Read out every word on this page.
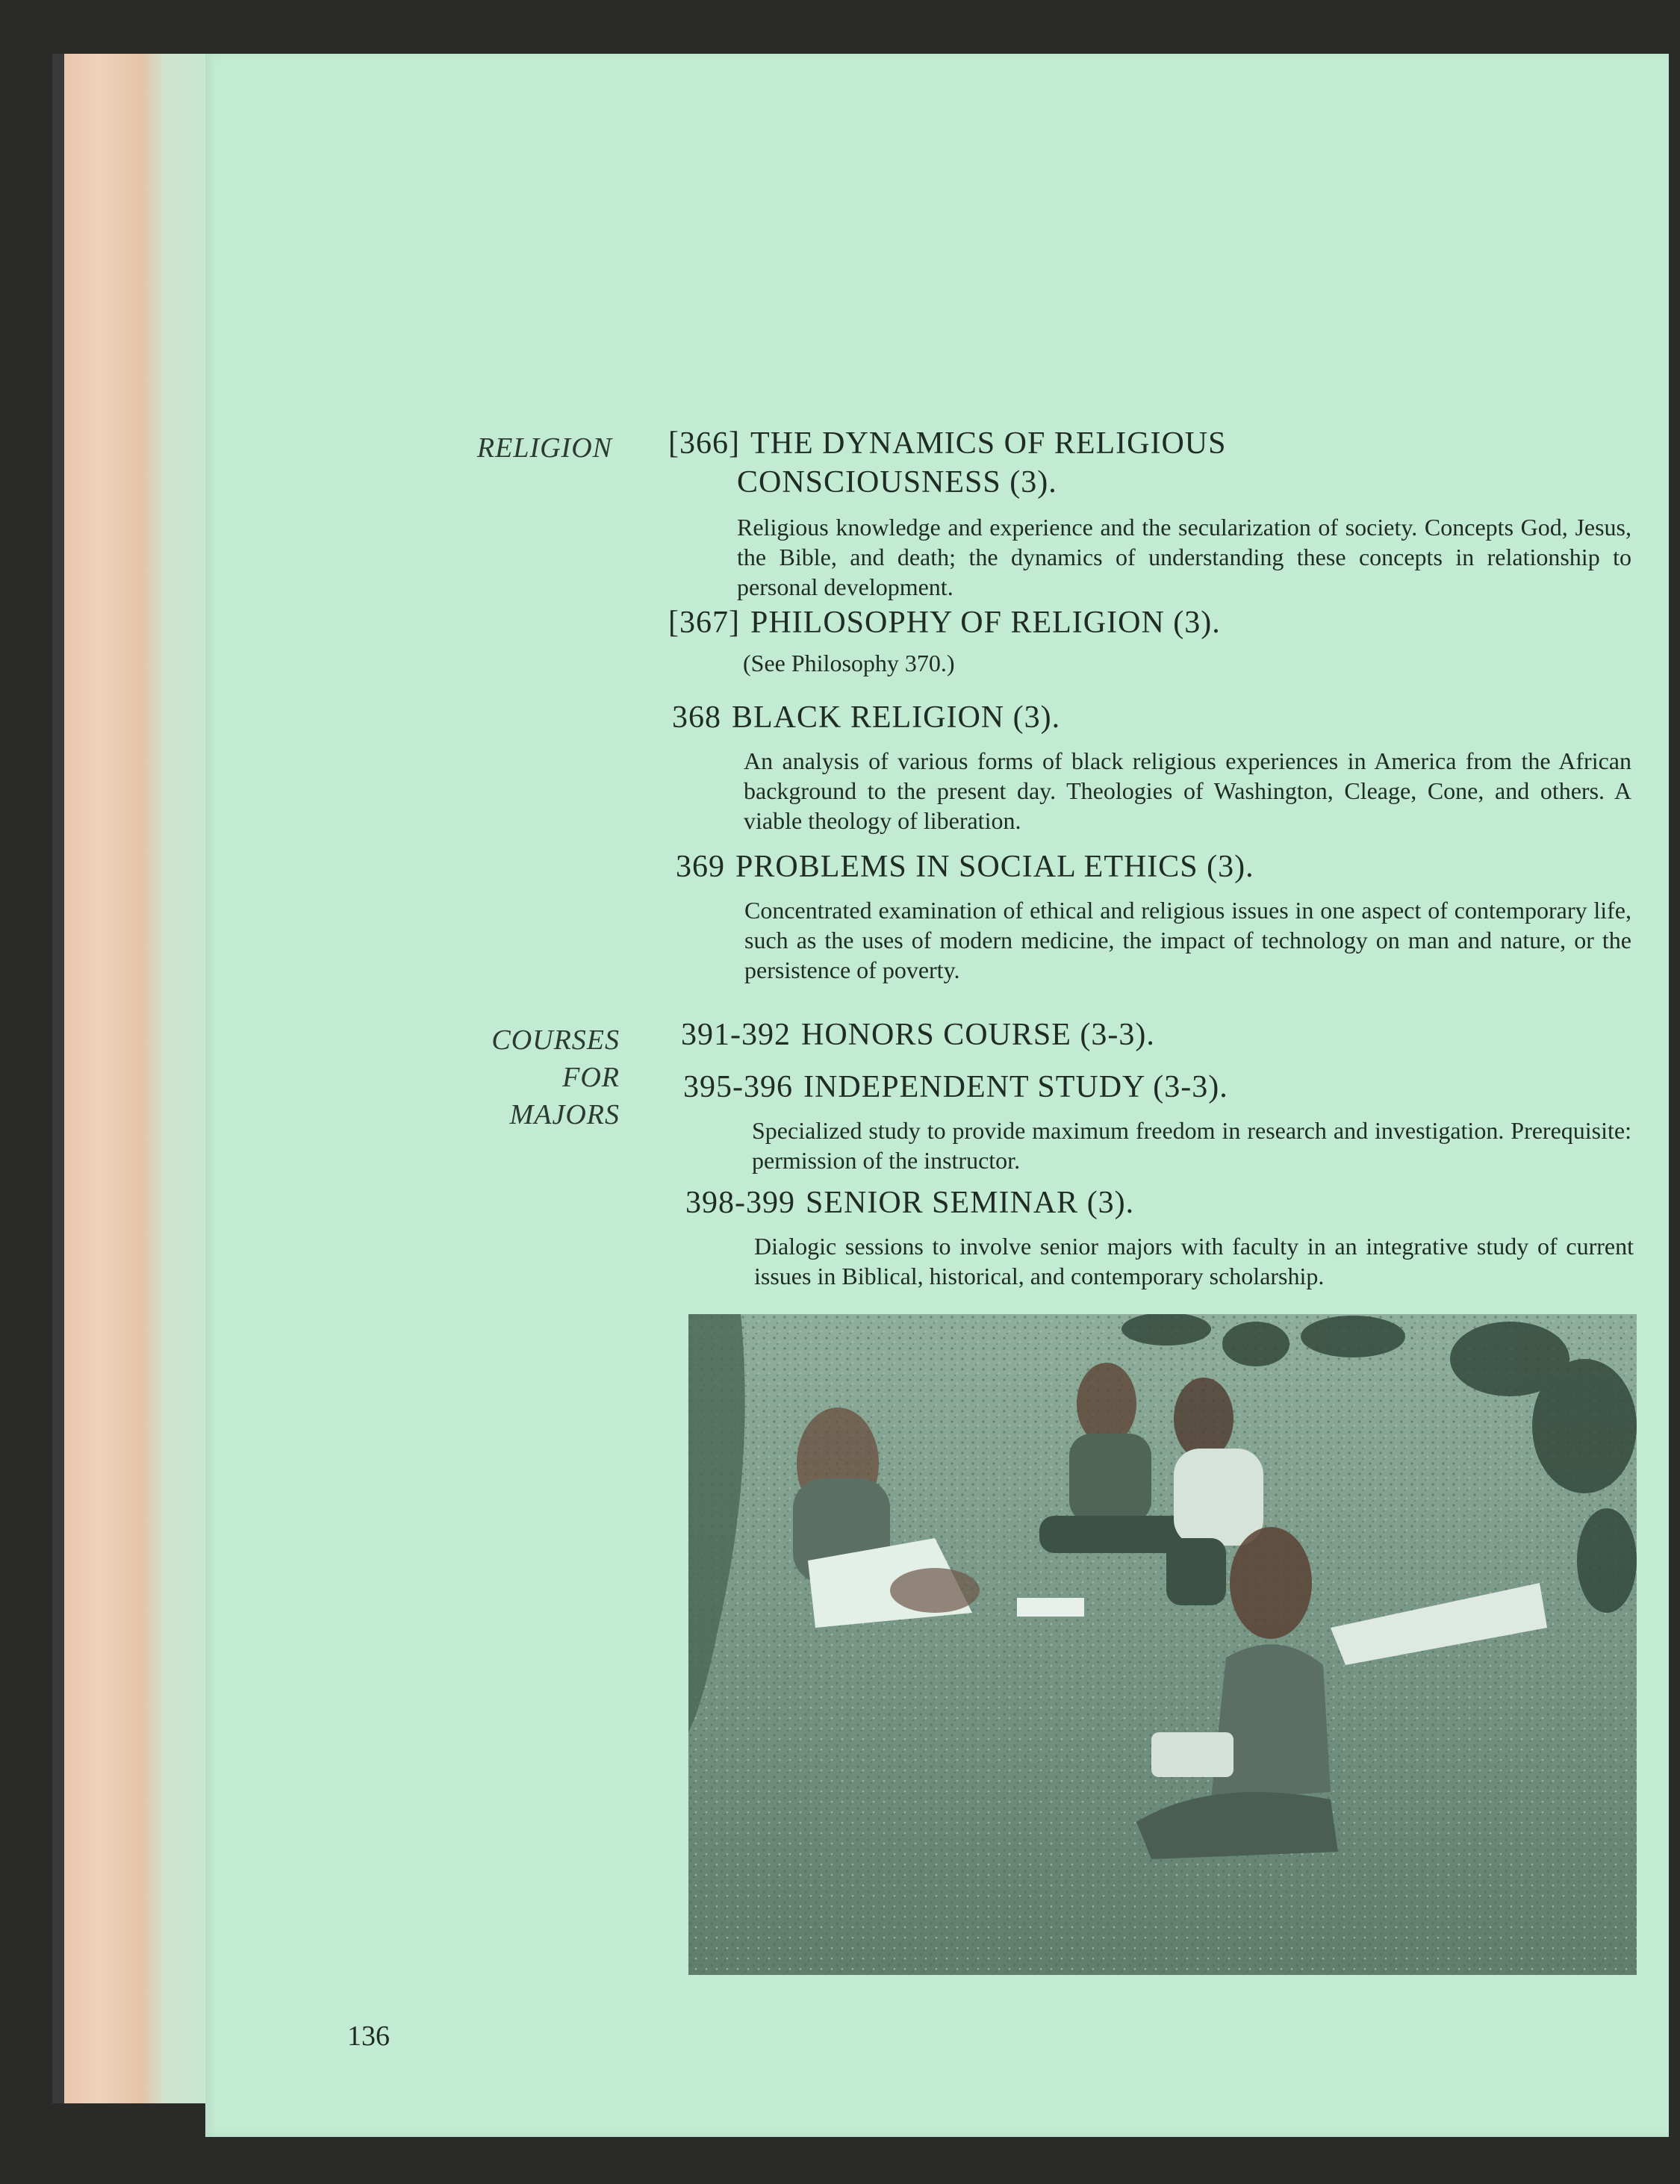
RELIGION
COURSES
FOR
MAJORS
[366] THE DYNAMICS OF RELIGIOUS
CONSCIOUSNESS (3).
Religious knowledge and experience and the secularization of society. Concepts God, Jesus, the Bible, and death; the dynamics of understanding these concepts in relationship to personal development.
[367] PHILOSOPHY OF RELIGION (3).
(See Philosophy 370.)
368 BLACK RELIGION (3).
An analysis of various forms of black religious experiences in America from the African background to the present day. Theologies of Washington, Cleage, Cone, and others. A viable theology of liberation.
369 PROBLEMS IN SOCIAL ETHICS (3).
Concentrated examination of ethical and religious issues in one aspect of contemporary life, such as the uses of modern medicine, the impact of technology on man and nature, or the persistence of poverty.
391-392 HONORS COURSE (3-3).
395-396 INDEPENDENT STUDY (3-3).
Specialized study to provide maximum freedom in research and investigation. Prerequisite: permission of the instructor.
398-399 SENIOR SEMINAR (3).
Dialogic sessions to involve senior majors with faculty in an integrative study of current issues in Biblical, historical, and contemporary scholarship.
136
